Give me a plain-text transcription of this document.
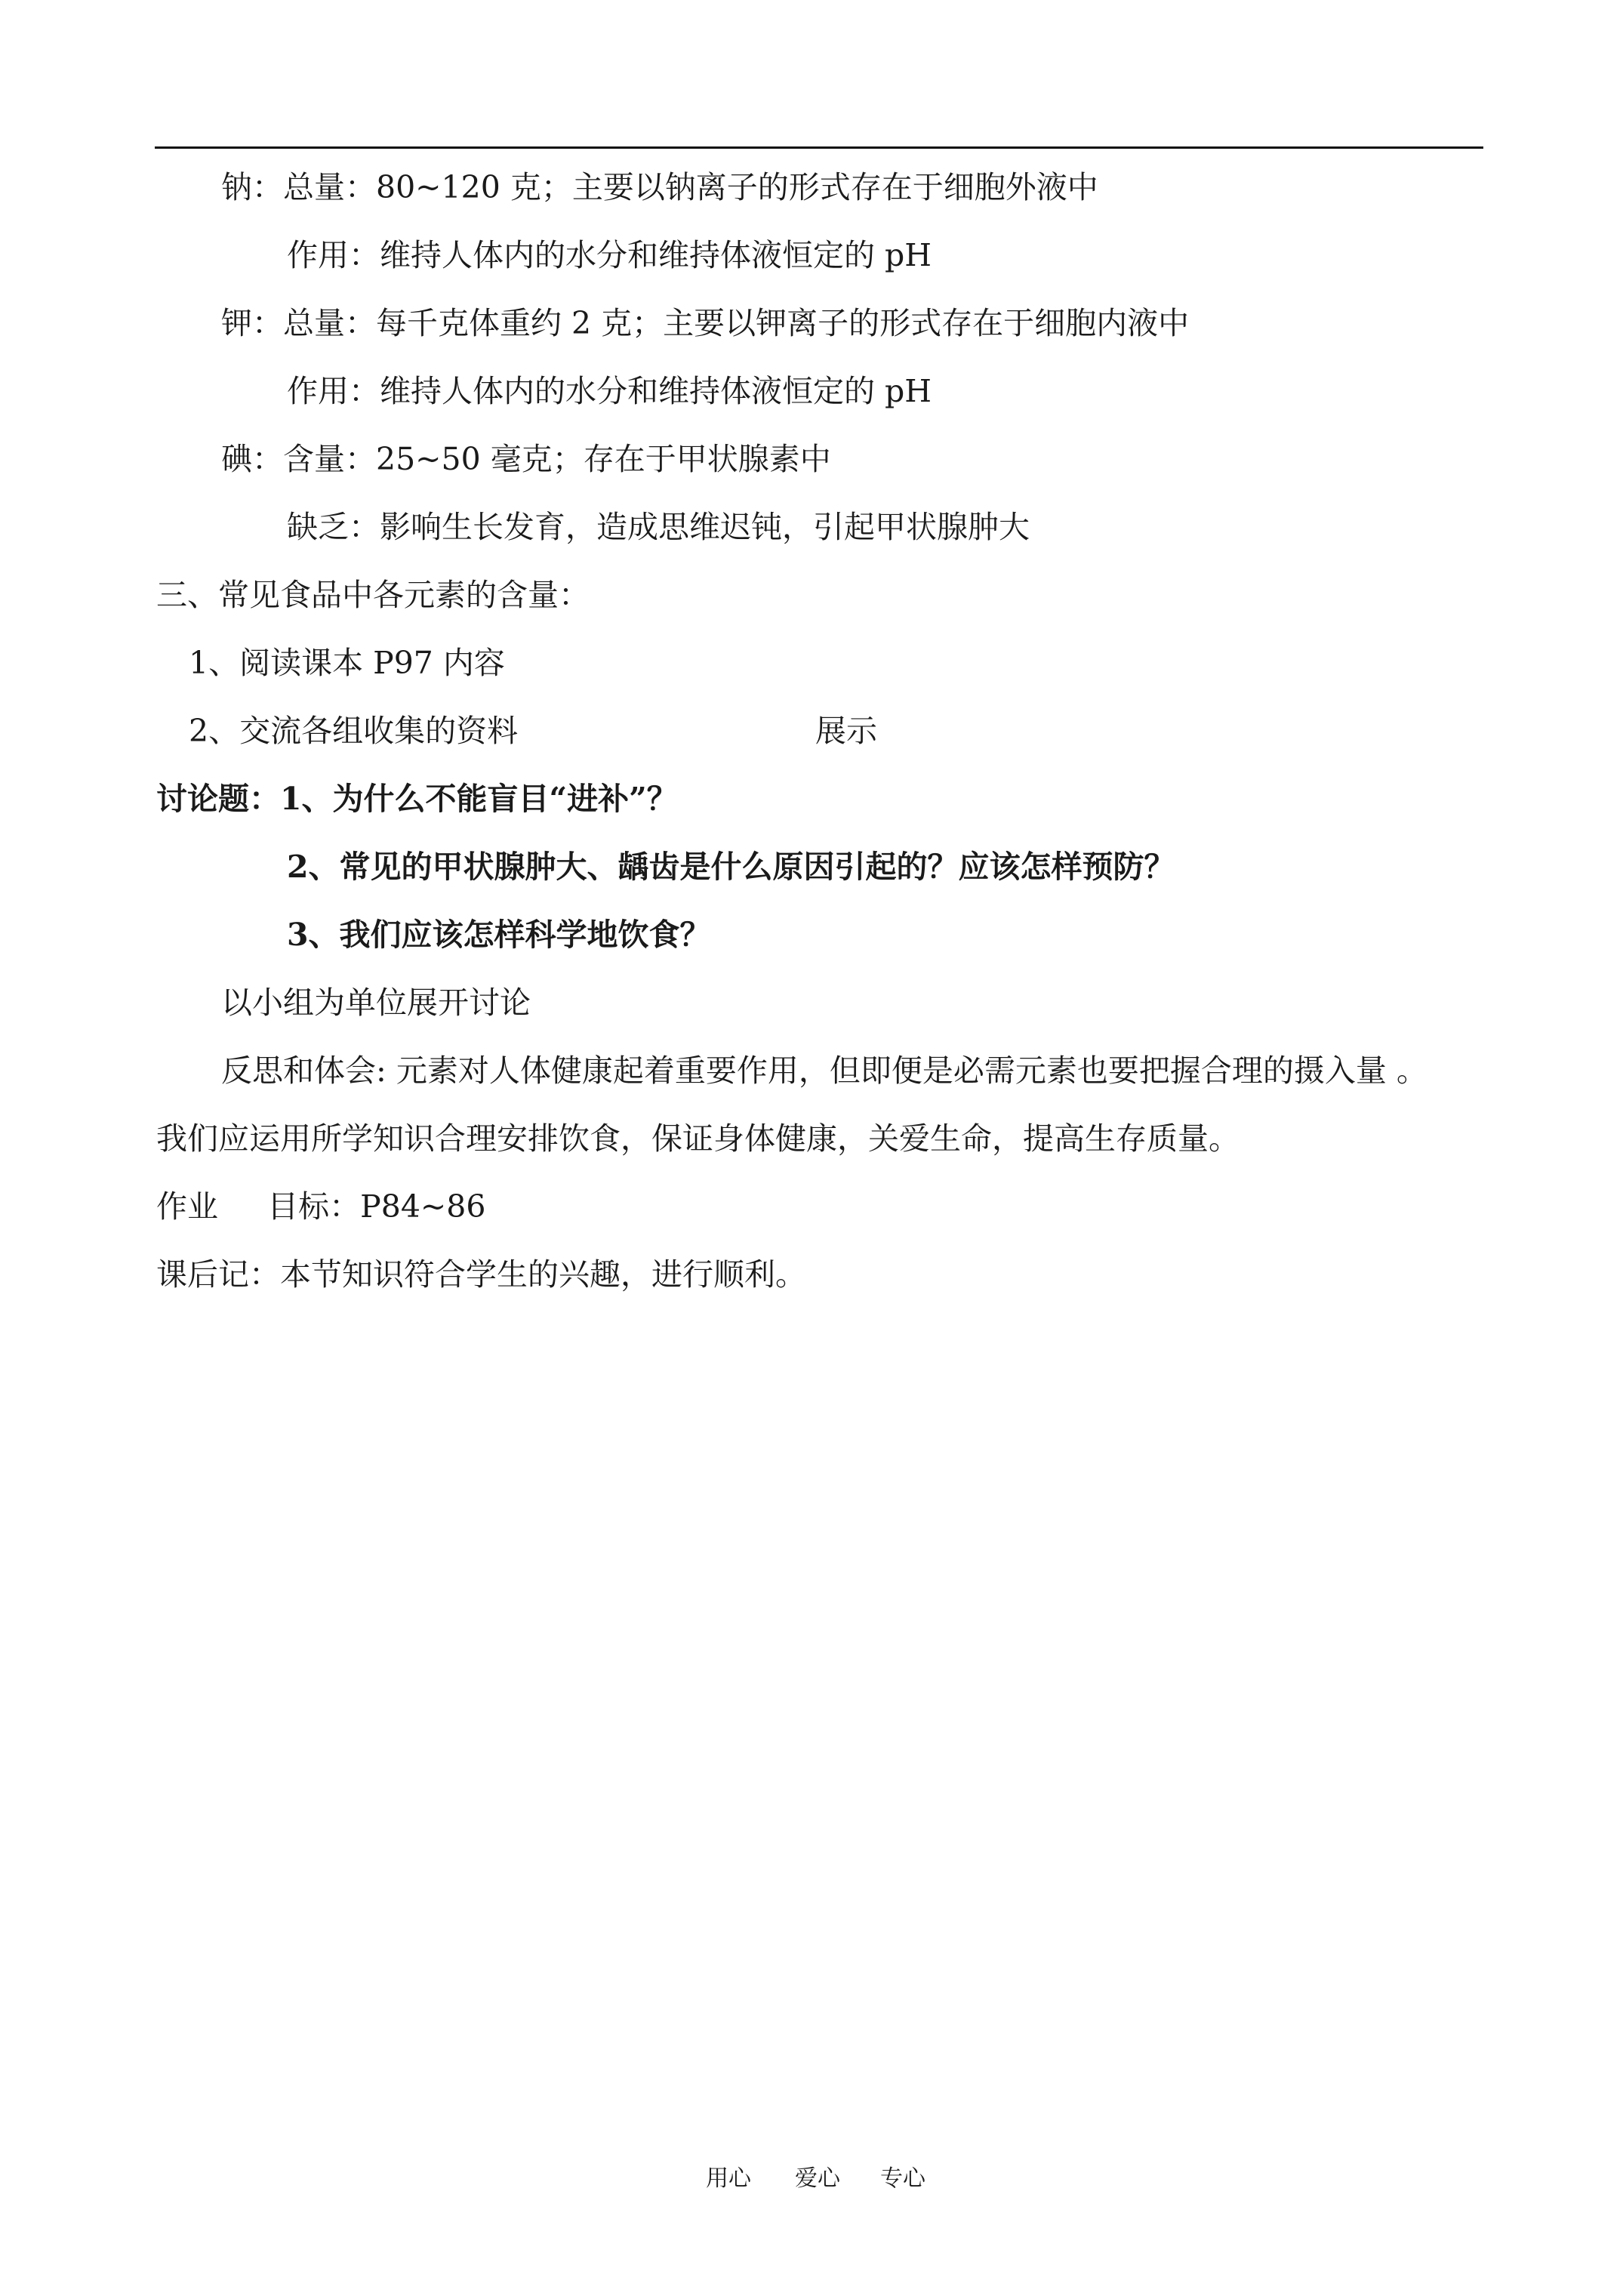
钠：总量：80~120 克；主要以钠离子的形式存在于细胞外液中
作用：维持人体内的水分和维持体液恒定的 pH
钾：总量：每千克体重约 2 克；主要以钾离子的形式存在于细胞内液中
作用：维持人体内的水分和维持体液恒定的 pH
碘：含量：25~50 毫克；存在于甲状腺素中
缺乏：影响生长发育，造成思维迟钝，引起甲状腺肿大
三、常见食品中各元素的含量：
1、阅读课本 P97 内容
2、交流各组收集的资料	展示
讨论题：1、为什么不能盲目“进补”？
2、常见的甲状腺肿大、龋齿是什么原因引起的？应该怎样预防？
3、我们应该怎样科学地饮食？
以小组为单位展开讨论
反思和体会: 元素对人体健康起着重要作用，但即便是必需元素也要把握合理的摄入量 。
我们应运用所学知识合理安排饮食，保证身体健康，关爱生命，提高生存质量。
作业     目标：P84~86
课后记：本节知识符合学生的兴趣，进行顺利。
用心 爱心 专心
